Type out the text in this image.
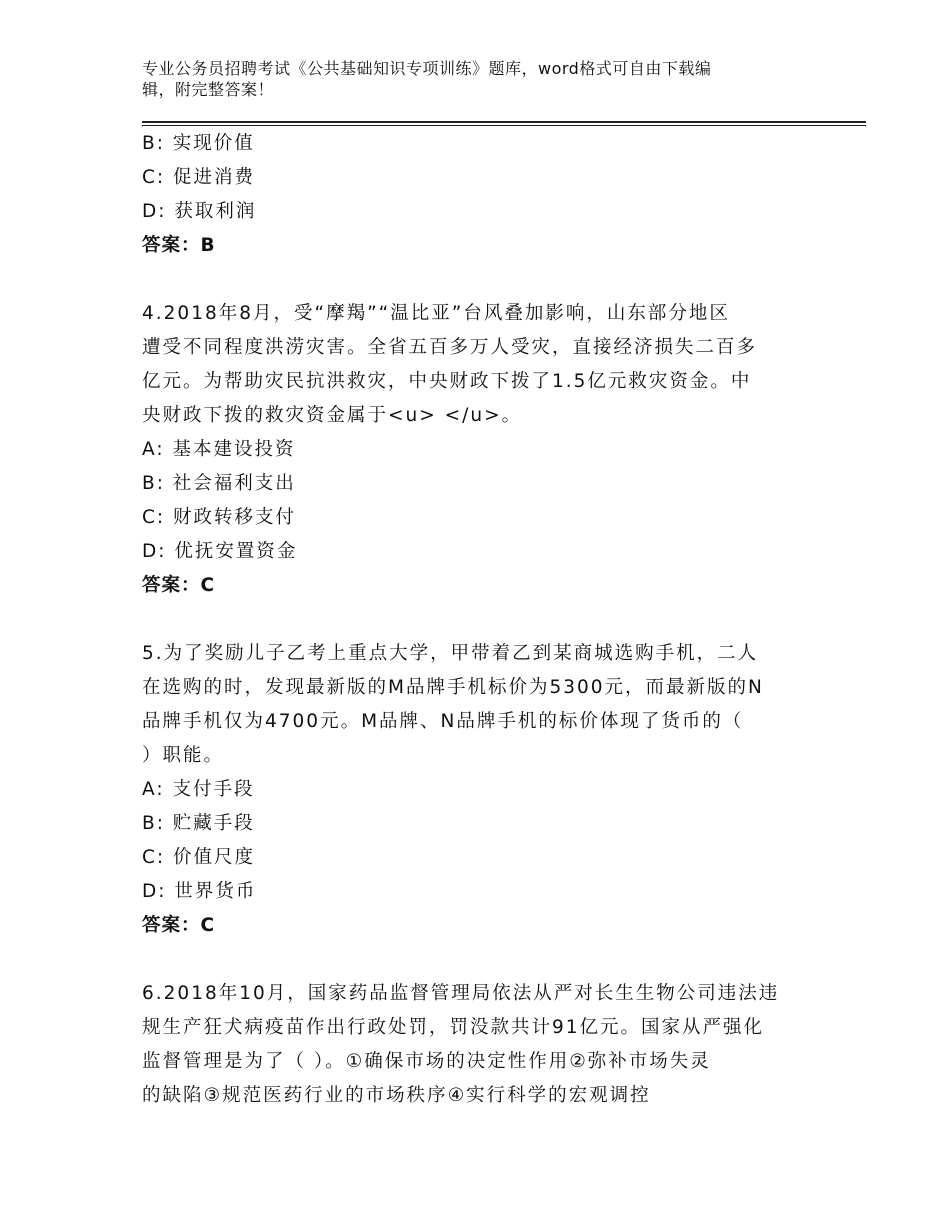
专业公务员招聘考试《公共基础知识专项训练》题库，word格式可自由下载编
辑，附完整答案！
B: 实现价值
C: 促进消费
D: 获取利润
答案：B
4.2018年8月，受“摩羯”“温比亚”台风叠加影响，山东部分地区
遭受不同程度洪涝灾害。全省五百多万人受灾，直接经济损失二百多
亿元。为帮助灾民抗洪救灾，中央财政下拨了1.5亿元救灾资金。中
央财政下拨的救灾资金属于<u> </u>。
A: 基本建设投资
B: 社会福利支出
C: 财政转移支付
D: 优抚安置资金
答案：C
5.为了奖励儿子乙考上重点大学，甲带着乙到某商城选购手机，二人
在选购的时，发现最新版的M品牌手机标价为5300元，而最新版的N
品牌手机仅为4700元。M品牌、N品牌手机的标价体现了货币的（
）职能。
A: 支付手段
B: 贮藏手段
C: 价值尺度
D: 世界货币
答案：C
6.2018年10月，国家药品监督管理局依法从严对长生生物公司违法违
规生产狂犬病疫苗作出行政处罚，罚没款共计91亿元。国家从严强化
监督管理是为了（ ）。①确保市场的决定性作用②弥补市场失灵
的缺陷③规范医药行业的市场秩序④实行科学的宏观调控
